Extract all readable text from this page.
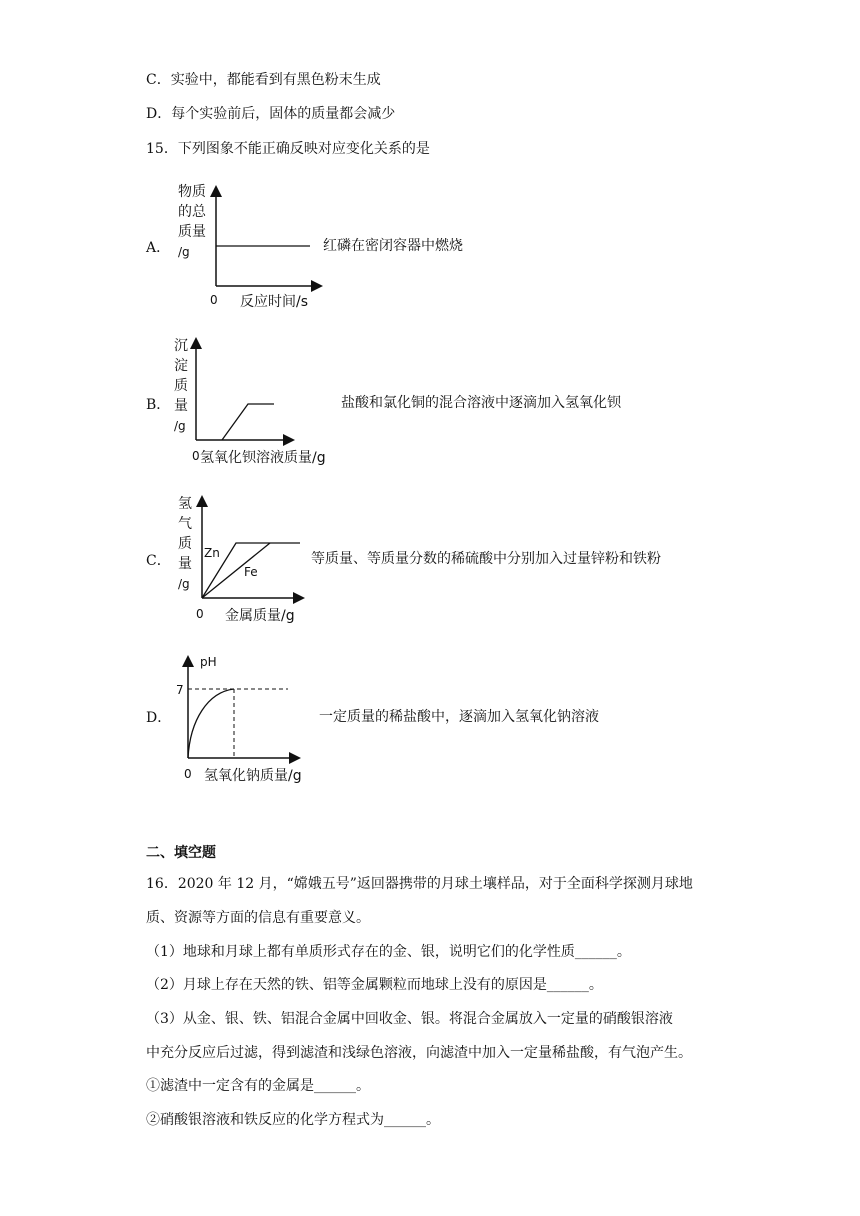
C．实验中，都能看到有黑色粉末生成
D．每个实验前后，固体的质量都会减少
15．下列图象不能正确反映对应变化关系的是
A．
物质
的总
质量
/g
0 反应时间/s
红磷在密闭容器中燃烧
B．
沉
淀
质
量
/g
0 氢氧化钡溶液质量/g
盐酸和氯化铜的混合溶液中逐滴加入氢氧化钡
C．
氢
气
质
量
/g
Zn
Fe
0 金属质量/g
等质量、等质量分数的稀硫酸中分别加入过量锌粉和铁粉
D．
pH
7
0 氢氧化钠质量/g
一定质量的稀盐酸中，逐滴加入氢氧化钠溶液
二、填空题
16．2020 年 12 月，“嫦娥五号”返回器携带的月球土壤样品，对于全面科学探测月球地
质、资源等方面的信息有重要意义。
（1）地球和月球上都有单质形式存在的金、银，说明它们的化学性质______。
（2）月球上存在天然的铁、铝等金属颗粒而地球上没有的原因是______。
（3）从金、银、铁、铝混合金属中回收金、银。将混合金属放入一定量的硝酸银溶液
中充分反应后过滤，得到滤渣和浅绿色溶液，向滤渣中加入一定量稀盐酸，有气泡产生。
①滤渣中一定含有的金属是______。
②硝酸银溶液和铁反应的化学方程式为______。
